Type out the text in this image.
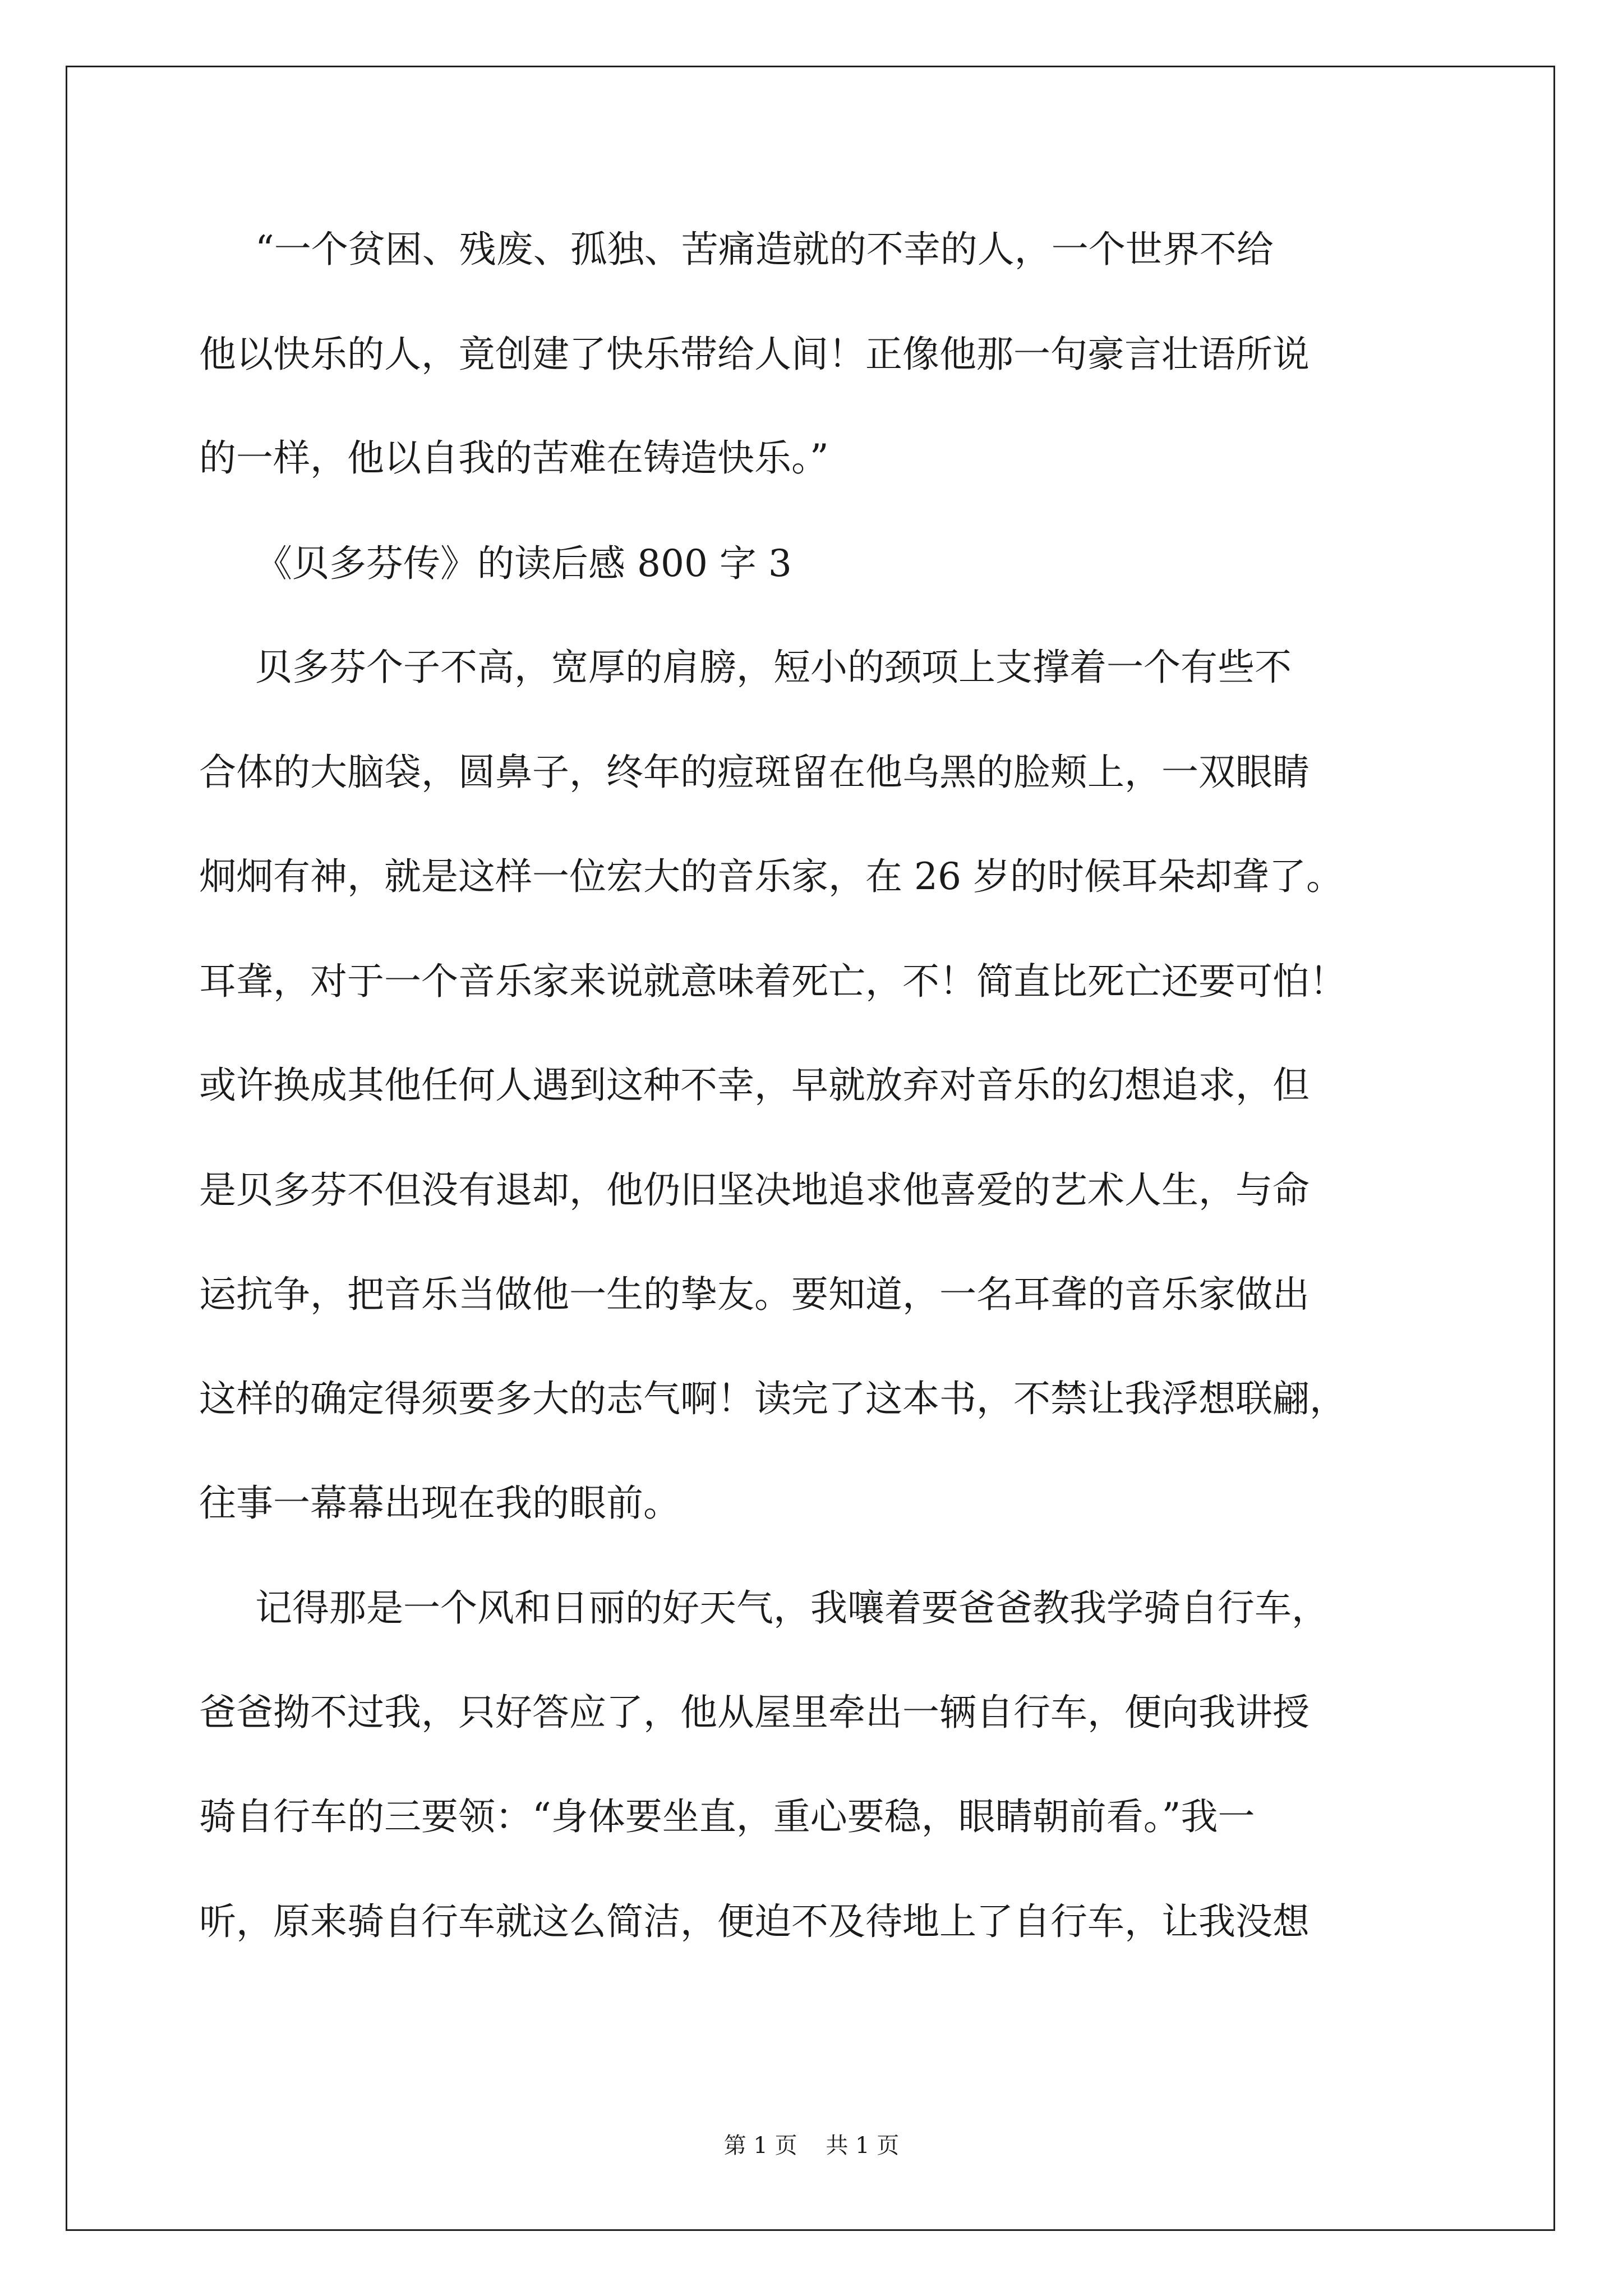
“一个贫困、残废、孤独、苦痛造就的不幸的人，一个世界不给
他以快乐的人，竟创建了快乐带给人间！正像他那一句豪言壮语所说
的一样，他以自我的苦难在铸造快乐。”
《贝多芬传》的读后感 800 字 3
贝多芬个子不高，宽厚的肩膀，短小的颈项上支撑着一个有些不
合体的大脑袋，圆鼻子，终年的痘斑留在他乌黑的脸颊上，一双眼睛
炯炯有神，就是这样一位宏大的音乐家，在 26 岁的时候耳朵却聋了。
耳聋，对于一个音乐家来说就意味着死亡，不！简直比死亡还要可怕！
或许换成其他任何人遇到这种不幸，早就放弃对音乐的幻想追求，但
是贝多芬不但没有退却，他仍旧坚决地追求他喜爱的艺术人生，与命
运抗争，把音乐当做他一生的挚友。要知道，一名耳聋的音乐家做出
这样的确定得须要多大的志气啊！读完了这本书，不禁让我浮想联翩，
往事一幕幕出现在我的眼前。
记得那是一个风和日丽的好天气，我嚷着要爸爸教我学骑自行车，
爸爸拗不过我，只好答应了，他从屋里牵出一辆自行车，便向我讲授
骑自行车的三要领：“身体要坐直，重心要稳，眼睛朝前看。”我一
听，原来骑自行车就这么简洁，便迫不及待地上了自行车，让我没想
第 1 页    共 1 页
